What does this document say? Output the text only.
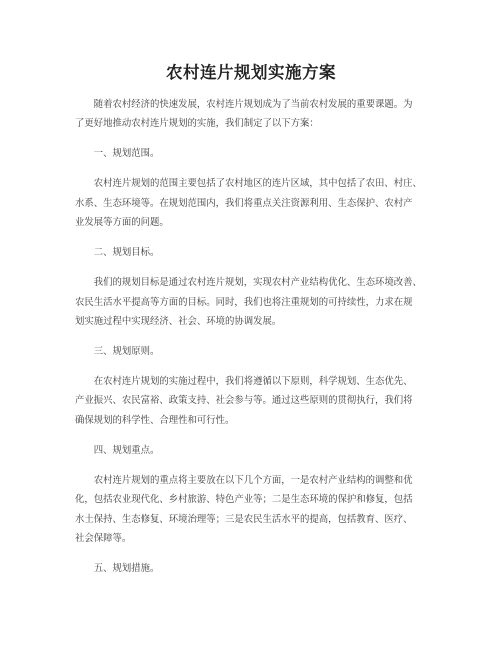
农村连片规划实施方案

随着农村经济的快速发展，农村连片规划成为了当前农村发展的重要课题。为
了更好地推动农村连片规划的实施，我们制定了以下方案：

一、规划范围。

农村连片规划的范围主要包括了农村地区的连片区域，其中包括了农田、村庄、
水系、生态环境等。在规划范围内，我们将重点关注资源利用、生态保护、农村产
业发展等方面的问题。

二、规划目标。

我们的规划目标是通过农村连片规划，实现农村产业结构优化、生态环境改善、
农民生活水平提高等方面的目标。同时，我们也将注重规划的可持续性，力求在规
划实施过程中实现经济、社会、环境的协调发展。

三、规划原则。

在农村连片规划的实施过程中，我们将遵循以下原则，科学规划、生态优先、
产业振兴、农民富裕、政策支持、社会参与等。通过这些原则的贯彻执行，我们将
确保规划的科学性、合理性和可行性。

四、规划重点。

农村连片规划的重点将主要放在以下几个方面，一是农村产业结构的调整和优
化，包括农业现代化、乡村旅游、特色产业等；二是生态环境的保护和修复，包括
水土保持、生态修复、环境治理等；三是农民生活水平的提高，包括教育、医疗、
社会保障等。

五、规划措施。
